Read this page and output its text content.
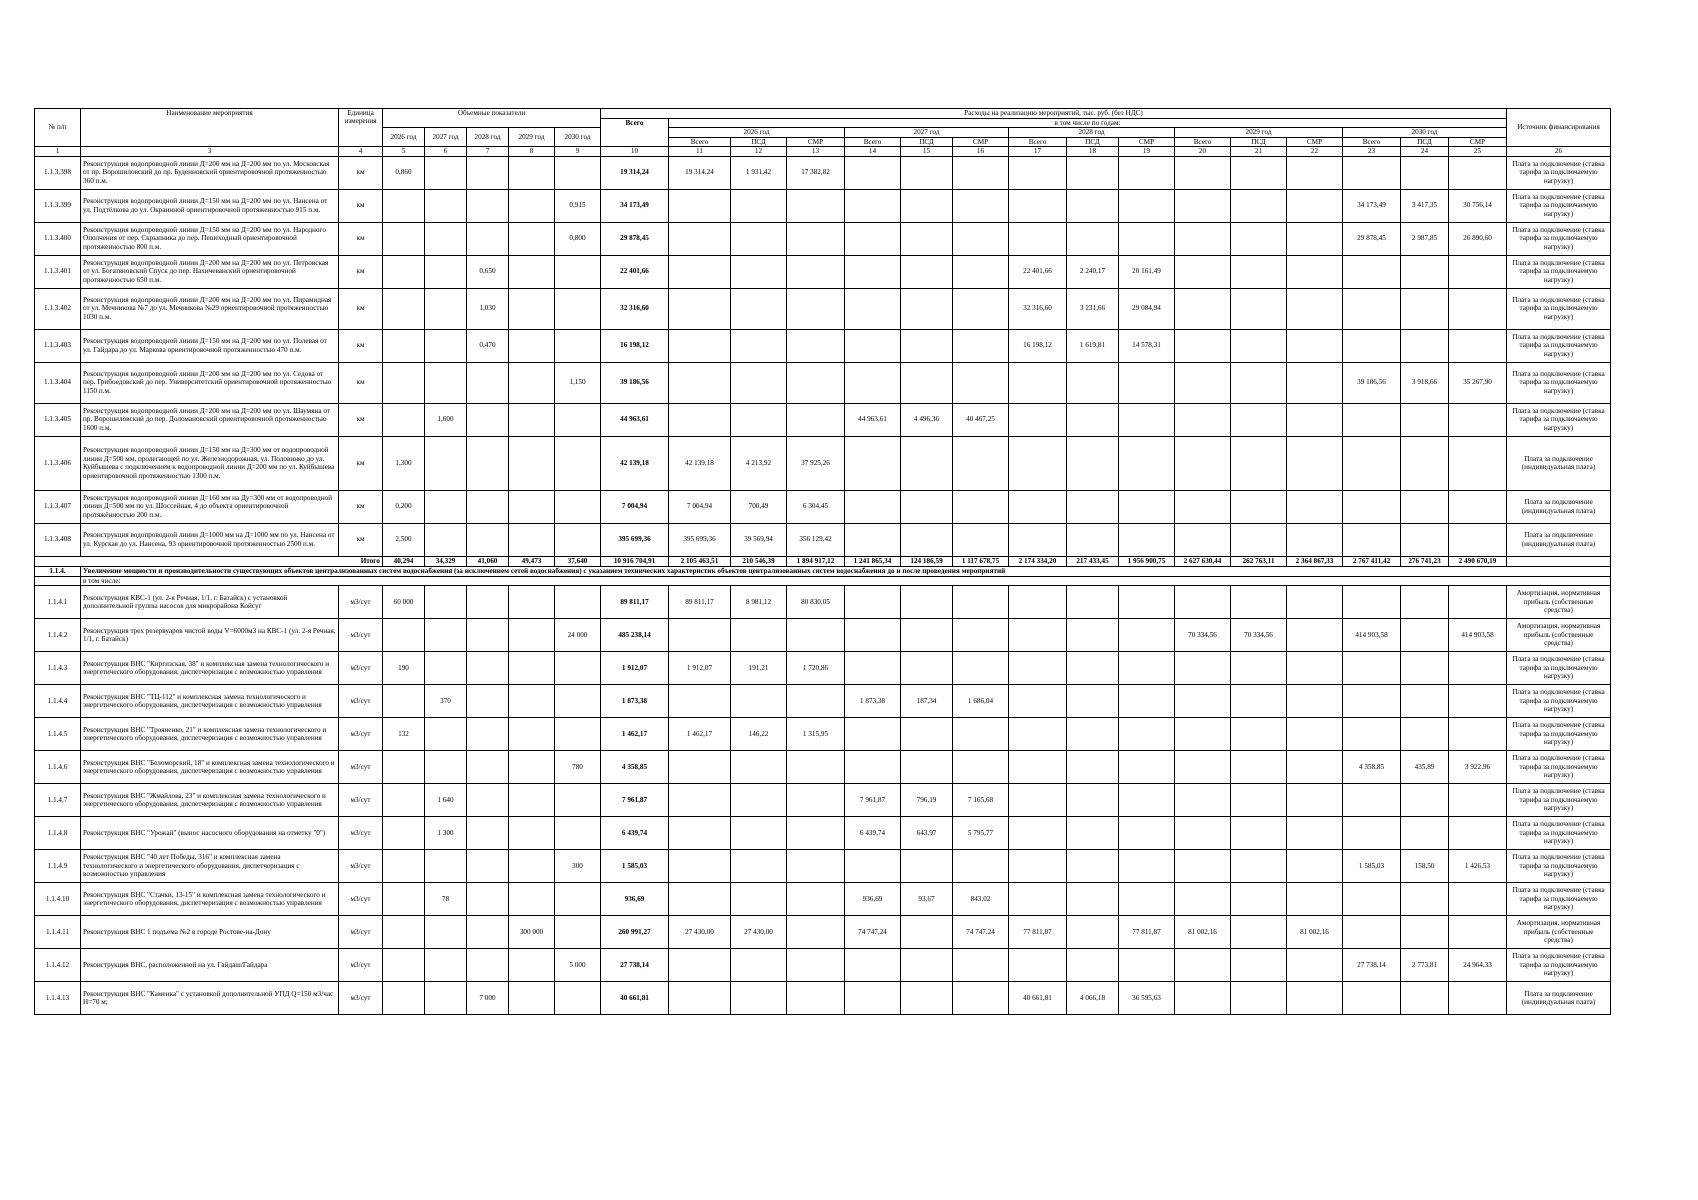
№ п/п	Наименование мероприятия	Единица измерения	Объемные показатели					Расходы на реализацию мероприятий, тыс. руб. (без НДС)																Источник финансирования
								Всего	в том числе по годам:															
			2026 год	2027 год	2028 год	2029 год	2030 год		2026 год			2027 год			2028 год			2029 год			2030 год			
									Всего	ПСД	СМР	Всего	ПСД	СМР	Всего	ПСД	СМР	Всего	ПСД	СМР	Всего	ПСД	СМР	
1	3	4	5	6	7	8	9	10	11	12	13	14	15	16	17	18	19	20	21	22	23	24	25	26
1.1.3.398	Реконструкция водопроводной линии Д=200 мм на Д=200 мм по ул. Московская от пр. Ворошиловский до пр. Буденновский ориентировочной протяженностью 360 п.м.	км	0,860					19 314,24	19 314,24	1 931,42	17 382,82													Плата за подключение (ставка тарифа за подключаемую нагрузку)
1.1.3.399	Реконструкция водопроводной линии Д=150 мм на Д=200 мм по ул. Нансена от ул. Подтёлкова до ул. Окраинной ориентировочной протяженностью 915 п.м.	км					0,915	34 173,49													34 173,49	3 417,35	30 756,14	Плата за подключение (ставка тарифа за подключаемую нагрузку)
1.1.3.400	Реконструкция водопроводной линии Д=150 мм на Д=200 мм по ул. Народного Ополчения от пер. Скрыпника до пер. Пешеходный ориентировочной протяженностью 800 п.м.	км					0,800	29 878,45													29 878,45	2 987,85	26 890,60	Плата за подключение (ставка тарифа за подключаемую нагрузку)
1.1.3.401	Реконструкция водопроводной линии Д=200 мм на Д=200 мм по ул. Петровская от ул. Богатяновский Спуск до пер. Нахичеванский ориентировочной протяженностью 650 п.м.	км			0,650			22 401,66							22 401,66	2 240,17	20 161,49							Плата за подключение (ставка тарифа за подключаемую нагрузку)
1.1.3.402	Реконструкция водопроводной линии Д=200 мм на Д=200 мм по ул. Пирамидная от ул. Мечникова №7 до ул. Мечникова №29 ориентировочной протяженностью 1030 п.м.	км			1,030			32 316,60							32 316,60	3 231,66	29 084,94							Плата за подключение (ставка тарифа за подключаемую нагрузку)
1.1.3.403	Реконструкция водопроводной линии Д=150 мм на Д=200 мм по ул. Полевая от ул. Гайдара до ул. Маркова ориентировочной протяженностью 470 п.м.	км			0,470			16 198,12							16 198,12	1 619,81	14 578,31							Плата за подключение (ставка тарифа за подключаемую нагрузку)
1.1.3.404	Реконструкция водопроводной линии Д=200 мм на Д=200 мм по ул. Седова от пер. Грибоедовский до пер. Университетский ориентировочной протяженностью 1150 п.м.	км					1,150	39 186,56													39 186,56	3 918,66	35 267,90	Плата за подключение (ставка тарифа за подключаемую нагрузку)
1.1.3.405	Реконструкция водопроводной линии Д=200 мм на Д=200 мм по ул. Шаумяна от пр. Ворошиловский до пер. Доломановский ориентировочной протяженностью 1600 п.м.	км		1,600				44 963,61				44 963,61	4 496,36	40 467,25										Плата за подключение (ставка тарифа за подключаемую нагрузку)
1.1.3.406	Реконструкция водопроводной линии Д=150 мм на Д=300 мм от водопроводной линии Д=500 мм, пролегающей по ул. Железнодорожная, ул. Половинко до ул. Куйбышева с подключением к водопроводной линии Д=200 мм по ул. Куйбышева ориентировочной протяженностью 1300 п.м.	км	1,300					42 139,18	42 139,18	4 213,92	37 925,26													Плата за подключение (индивидуальная плата)
1.1.3.407	Реконструкция водопроводной линии Д=160 мм на Ду=300 мм от водопроводной линии Д=500 мм по ул. Шоссейная, 4 до объекта ориентировочной протяжённостью 200 п.м.	км	0,200					7 004,94	7 004,94	700,49	6 304,45													Плата за подключение (индивидуальная плата)
1.1.3.408	Реконструкция водопроводной линии Д=1000 мм на Д=1000 мм по ул. Нансена от ул. Курская до ул. Нансена, 93 ориентировочной протяженностью 2500 п.м.	км	2,500					395 699,36	395 699,36	39 569,94	356 129,42													Плата за подключение (индивидуальная плата)
Итого			40,294	34,329	41,060	49,473	37,640	10 916 704,91	2 105 463,51	210 546,39	1 894 917,12	1 241 865,34	124 186,59	1 117 678,75	2 174 334,20	217 433,45	1 956 900,75	2 627 630,44	262 763,11	2 364 867,33	2 767 411,42	276 741,23	2 490 670,19	
1.1.4.	Увеличение мощности и производительности существующих объектов централизованных систем водоснабжения (за исключением сетей водоснабжения) с указанием технических характеристик объектов централизованных систем водоснабжения до и после проведения мероприятий																							
	в том числе:																							
1.1.4.1	Реконструкция КВС-1 (ул. 2-я Речная, 1/1, г. Батайск) с установкой дополнительной группы насосов для микрорайона Койсуг	м3/сут	60 000					89 811,17	89 811,17	8 981,12	80 830,05													Амортизация, нормативная прибыль (собственные средства)
1.1.4.2	Реконструкция трех резервуаров чистой воды V=6000м3 на КВС-1 (ул. 2-я Речная, 1/1, г. Батайск)	м3/сут					24 000	485 238,14										70 334,56	70 334,56		414 903,58		414 903,58	Амортизация, нормативная прибыль (собственные средства)
1.1.4.3	Реконструкция ВНС "Киргизская, 38" и комплексная замена технологического и энергетического оборудования, диспетчеризация с возможностью управления	м3/сут	190					1 912,07	1 912,07	191,21	1 720,86													Плата за подключение (ставка тарифа за подключаемую нагрузку)
1.1.4.4	Реконструкция ВНС "ТЦ-112" и комплексная замена технологического и энергетического оборудования, диспетчеризация с возможностью управления	м3/сут		370				1 873,38				1 873,38	187,34	1 686,04										Плата за подключение (ставка тарифа за подключаемую нагрузку)
1.1.4.5	Реконструкция ВНС "Трояненко, 21" и комплексная замена технологического и энергетического оборудования, диспетчеризация с возможностью управления	м3/сут	132					1 462,17	1 462,17	146,22	1 315,95													Плата за подключение (ставка тарифа за подключаемую нагрузку)
1.1.4.6	Реконструкция ВНС "Беломорский, 18" и комплексная замена технологического и энергетического оборудования, диспетчеризация с возможностью управления	м3/сут					780	4 358,85													4 358,85	435,89	3 922,96	Плата за подключение (ставка тарифа за подключаемую нагрузку)
1.1.4.7	Реконструкция ВНС "Жмайлова, 23" и комплексная замена технологического и энергетического оборудования, диспетчеризация с возможностью управления	м3/сут		1 640				7 961,87				7 961,87	796,19	7 165,68										Плата за подключение (ставка тарифа за подключаемую нагрузку)
1.1.4.8	Реконструкция ВНС "Урожай" (вынос насосного оборудования на отметку "0")	м3/сут		1 300				6 439,74				6 439,74	643,97	5 795,77										Плата за подключение (ставка тарифа за подключаемую нагрузку)
1.1.4.9	Реконструкция ВНС "40 лет Победы, 316" и комплексная замена технологического и энергетического оборудования, диспетчеризация с возможностью управления	м3/сут					300	1 585,03													1 585,03	158,50	1 426,53	Плата за подключение (ставка тарифа за подключаемую нагрузку)
1.1.4.10	Реконструкция ВНС "Стачки, 13-15" и комплексная замена технологического и энергетического оборудования, диспетчеризация с возможностью управления	м3/сут		78				936,69				936,69	93,67	843,02										Плата за подключение (ставка тарифа за подключаемую нагрузку)
1.1.4.11	Реконструкция ВНС 1 подъема №2 в городе Ростове-на-Дону	м3/сут				300 000		260 991,27	27 430,00	27 430,00		74 747,24		74 747,24	77 811,87		77 811,87	81 002,16		81 002,16				Амортизация, нормативная прибыль (собственные средства)
1.1.4.12	Реконструкция ВНС, расположенной на ул. Гайдаш/Гайдара	м3/сут					5 000	27 738,14													27 738,14	2 773,81	24 964,33	Плата за подключение (ставка тарифа за подключаемую нагрузку)
1.1.4.13	Реконструкция ВНС "Каменка" с установкой дополнительной УПД Q=150 м3/час H=70 м;	м3/сут			7 000			40 661,81							40 661,81	4 066,18	36 595,63							Плата за подключение (индивидуальная плата)
